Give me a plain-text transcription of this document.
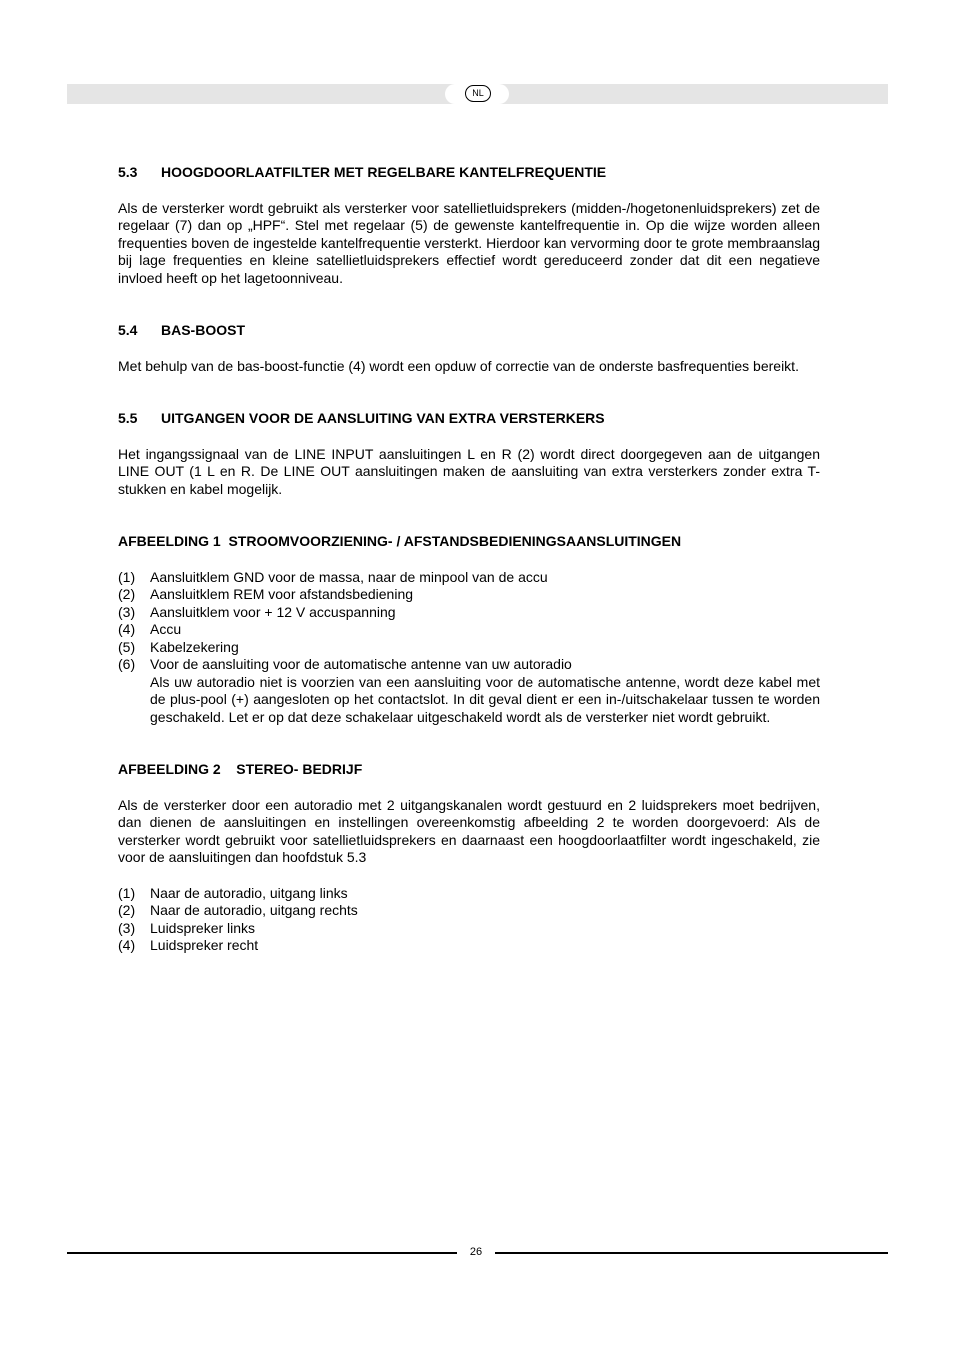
NL
5.3 HOOGDOORLAATFILTER MET REGELBARE KANTELFREQUENTIE

Als de versterker wordt gebruikt als versterker voor satellietluidsprekers (midden-/hogetonenluidsprekers) zet de regelaar (7) dan op „HPF“. Stel met regelaar (5) de gewenste kantelfrequentie in. Op die wijze worden alleen frequenties boven de ingestelde kantelfrequentie versterkt. Hierdoor kan vervorming door te grote membraanslag bij lage frequenties en kleine satellietluidsprekers effectief wordt gereduceerd zonder dat dit een negatieve invloed heeft op het lagetoonniveau.

5.4 BAS-BOOST

Met behulp van de bas-boost-functie (4) wordt een opduw of correctie van de onderste basfrequenties bereikt.

5.5 UITGANGEN VOOR DE AANSLUITING VAN EXTRA VERSTERKERS

Het ingangssignaal van de LINE INPUT aansluitingen L en R (2) wordt direct doorgegeven aan de uitgangen LINE OUT (1 L en R. De LINE OUT aansluitingen maken de aansluiting van extra versterkers zonder extra T-stukken en kabel mogelijk.

AFBEELDING 1  STROOMVOORZIENING- / AFSTANDSBEDIENINGSAANSLUITINGEN
(1) Aansluitklem GND voor de massa, naar de minpool van de accu
(2) Aansluitklem REM voor afstandsbediening
(3) Aansluitklem voor + 12 V accuspanning
(4) Accu
(5) Kabelzekering
(6) Voor de aansluiting voor de automatische antenne van uw autoradio
Als uw autoradio niet is voorzien van een aansluiting voor de automatische antenne, wordt deze kabel met de plus-pool (+) aangesloten op het contactslot. In dit geval dient er een in-/uitschakelaar tussen te worden geschakeld. Let er op dat deze schakelaar uitgeschakeld wordt als de versterker niet wordt gebruikt.
AFBEELDING 2    STEREO- BEDRIJF

Als de versterker door een autoradio met 2 uitgangskanalen wordt gestuurd en 2 luidsprekers moet bedrijven, dan dienen de aansluitingen en instellingen overeenkomstig afbeelding 2 te worden doorgevoerd: Als de versterker wordt gebruikt voor satellietluidsprekers en daarnaast een hoogdoorlaatfilter wordt ingeschakeld, zie voor de aansluitingen dan hoofdstuk 5.3

(1) Naar de autoradio, uitgang links
(2) Naar de autoradio, uitgang rechts
(3) Luidspreker links
(4) Luidspreker recht
26
